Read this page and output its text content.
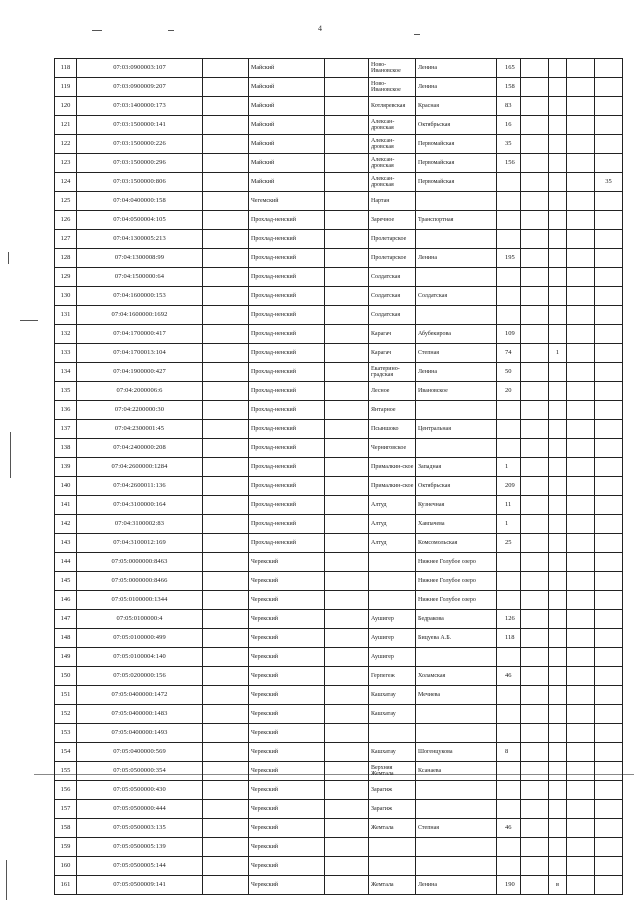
4
118	07:03:0900003:107		Майский		Ново-Ивановское	Ленина	165				
119	07:03:0900009:207		Майский		Ново-Ивановское	Ленина	158				
120	07:03:1400000:173		Майский		Котляревская	Красная	83				
121	07:03:1500000:141		Майский		Алексан-дровская	Октябрьская	16				
122	07:03:1500000:226		Майский		Алексан-дровская	Первомайская	35				
123	07:03:1500000:296		Майский		Алексан-дровская	Первомайская	156				
124	07:03:1500000:806		Майский		Алексан-дровская	Первомайская					35
125	07:04:0400000:158		Чегемский		Нартан						
126	07:04:0500004:105		Прохлад-ненский		Заречное	Транспортная					
127	07:04:1300005:213		Прохлад-ненский		Пролетарское						
128	07:04:1300008:99		Прохлад-ненский		Пролетарское	Ленина	195				
129	07:04:1500000:64		Прохлад-ненский		Солдатская						
130	07:04:1600000:153		Прохлад-ненский		Солдатская	Солдатская					
131	07:04:1600000:1692		Прохлад-ненский		Солдатская						
132	07:04:1700000:417		Прохлад-ненский		Карагач	Абубекирова	109				
133	07:04:1700013:104		Прохлад-ненский		Карагач	Степная	74		1		
134	07:04:1900000:427		Прохлад-ненский		Екатерино-градская	Ленина	50				
135	07:04:2000006:6		Прохлад-ненский		Лесное	Ивановское	20				
136	07:04:2200000:30		Прохлад-ненский		Янтарное						
137	07:04:2300001:45		Прохлад-ненский		Псыншоко	Центральная					
138	07:04:2400000:208		Прохлад-ненский		Черниговское						
139	07:04:2600000:1284		Прохлад-ненский		Прималкин-ское	Западная	1				
140	07:04:2600011:136		Прохлад-ненский		Прималкин-ское	Октябрьская	209				
141	07:04:3100000:164		Прохлад-ненский		Алтуд	Кузнечная	11				
142	07:04:3100002:83		Прохлад-ненский		Алтуд	Хавпачева	1				
143	07:04:3100012:169		Прохлад-ненский		Алтуд	Комсомольская	25				
144	07:05:0000000:8463		Черекский			Нижнее Голубое озеро					
145	07:05:0000000:8466		Черекский			Нижнее Голубое озеро					
146	07:05:0100000:1344		Черекский			Нижнее Голубое озеро					
147	07:05:0100000:4		Черекский		Аушигер	Бедракова	126				
148	07:05:0100000:499		Черекский		Аушигер	Бицуева А.Б.	118				
149	07:05:0100004:140		Черекский		Аушигер						
150	07:05:0200000:156		Черекский		Герпегеж	Холамская	46				
151	07:05:0400000:1472		Черекский		Кашхатау	Мечиева					
152	07:05:0400000:1483		Черекский		Кашхатау						
153	07:05:0400000:1493		Черекский								
154	07:05:0400000:569		Черекский		Кашхатау	Шогенцукова	8				
155	07:05:0500000:354		Черекский		Верхняя Жемтала	Ксанаева					
156	07:05:0500000:430		Черекский		Зарагиж						
157	07:05:0500000:444		Черекский		Зарагиж						
158	07:05:0500003:135		Черекский		Жемтала	Степная	46				
159	07:05:0500005:139		Черекский								
160	07:05:0500005:144		Черекский								
161	07:05:0500009:141		Черекский		Жемтала	Ленина	190		в		
